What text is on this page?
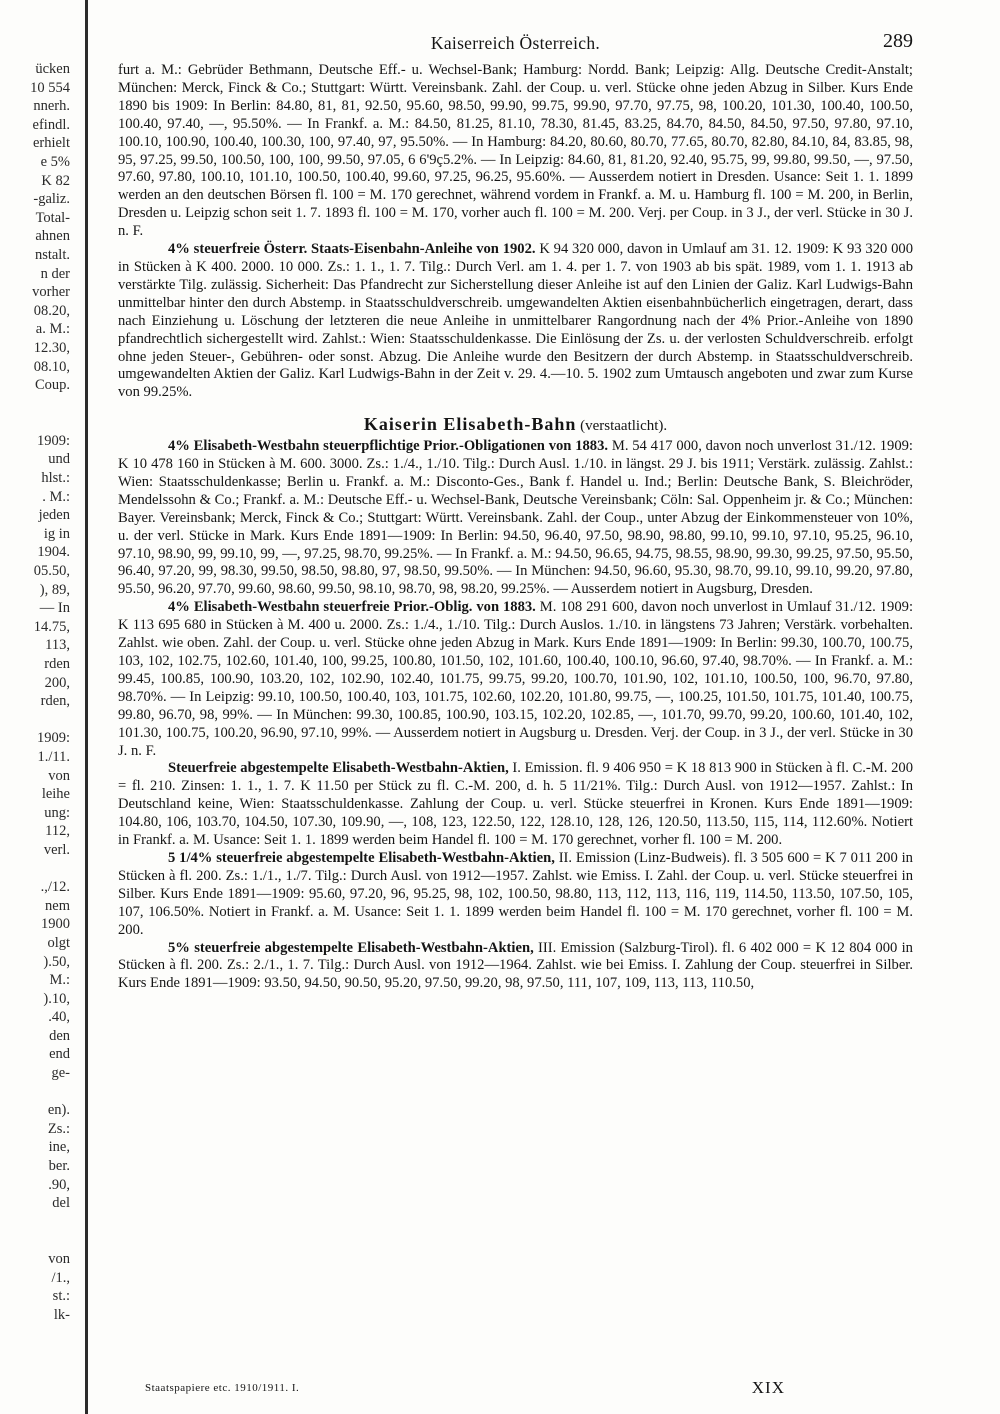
ücken
10 554
nnerh.
efindl.
erhielt
e 5%
K 82
-galiz.
Total-
ahnen
nstalt.
n der
vorher
08.20,
a. M.:
12.30,
08.10,
Coup.

1909:
und
hlst.:
. M.:
jeden
ig in
1904.
05.50,
), 89,
— In
14.75,
113,
rden
200,
rden,

1909:
1./11.
von
leihe
ung:
112,
verl.

.,/12.
nem
1900
olgt
).50,
M.:
).10,
.40,
den
end
ge-

en).
Zs.:
ine,
ber.
.90,
del

von
/1.,
st.:
lk-
Kaiserreich Österreich.	289

furt a. M.: Gebrüder Bethmann, Deutsche Eff.- u. Wechsel-Bank; Hamburg: Nordd. Bank; Leipzig: Allg. Deutsche Credit-Anstalt; München: Merck, Finck & Co.; Stuttgart: Württ. Vereinsbank. Zahl. der Coup. u. verl. Stücke ohne jeden Abzug in Silber. Kurs Ende 1890 bis 1909: In Berlin: 84.80, 81, 81, 92.50, 95.60, 98.50, 99.90, 99.75, 99.90, 97.70, 97.75, 98, 100.20, 101.30, 100.40, 100.50, 100.40, 97.40, —, 95.50%. — In Frankf. a. M.: 84.50, 81.25, 81.10, 78.30, 81.45, 83.25, 84.70, 84.50, 84.50, 97.50, 97.80, 97.10, 100.10, 100.90, 100.40, 100.30, 100, 97.40, 97, 95.50%. — In Hamburg: 84.20, 80.60, 80.70, 77.65, 80.70, 82.80, 84.10, 84, 83.85, 98, 95, 97.25, 99.50, 100.50, 100, 100, 99.50, 97.05, 6 6'9ç5.2%. — In Leipzig: 84.60, 81, 81.20, 92.40, 95.75, 99, 99.80, 99.50, —, 97.50, 97.60, 97.80, 100.10, 101.10, 100.50, 100.40, 99.60, 97.25, 96.25, 95.60%. — Ausserdem notiert in Dresden. Usance: Seit 1. 1. 1899 werden an den deutschen Börsen fl. 100 = M. 170 gerechnet, während vordem in Frankf. a. M. u. Hamburg fl. 100 = M. 200, in Berlin, Dresden u. Leipzig schon seit 1. 7. 1893 fl. 100 = M. 170, vorher auch fl. 100 = M. 200. Verj. per Coup. in 3 J., der verl. Stücke in 30 J. n. F.

4% steuerfreie Österr. Staats-Eisenbahn-Anleihe von 1902. K 94 320 000, davon in Umlauf am 31. 12. 1909: K 93 320 000 in Stücken à K 400. 2000. 10 000. Zs.: 1. 1., 1. 7. Tilg.: Durch Verl. am 1. 4. per 1. 7. von 1903 ab bis spät. 1989, vom 1. 1. 1913 ab verstärkte Tilg. zulässig. Sicherheit: Das Pfandrecht zur Sicherstellung dieser Anleihe ist auf den Linien der Galiz. Karl Ludwigs-Bahn unmittelbar hinter den durch Abstemp. in Staatsschuldverschreib. umgewandelten Aktien eisenbahnbücherlich eingetragen, derart, dass nach Einziehung u. Löschung der letzteren die neue Anleihe in unmittelbarer Rangordnung nach der 4% Prior.-Anleihe von 1890 pfandrechtlich sichergestellt wird. Zahlst.: Wien: Staatsschuldenkasse. Die Einlösung der Zs. u. der verlosten Schuldverschreib. erfolgt ohne jeden Steuer-, Gebühren- oder sonst. Abzug. Die Anleihe wurde den Besitzern der durch Abstemp. in Staatsschuldverschreib. umgewandelten Aktien der Galiz. Karl Ludwigs-Bahn in der Zeit v. 29. 4.—10. 5. 1902 zum Umtausch angeboten und zwar zum Kurse von 99.25%.

Kaiserin Elisabeth-Bahn (verstaatlicht).

4% Elisabeth-Westbahn steuerpflichtige Prior.-Obligationen von 1883. M. 54 417 000, davon noch unverlost 31./12. 1909: K 10 478 160 in Stücken à M. 600. 3000. Zs.: 1./4., 1./10. Tilg.: Durch Ausl. 1./10. in längst. 29 J. bis 1911; Verstärk. zulässig. Zahlst.: Wien: Staatsschuldenkasse; Berlin u. Frankf. a. M.: Disconto-Ges., Bank f. Handel u. Ind.; Berlin: Deutsche Bank, S. Bleichröder, Mendelssohn & Co.; Frankf. a. M.: Deutsche Eff.- u. Wechsel-Bank, Deutsche Vereinsbank; Cöln: Sal. Oppenheim jr. & Co.; München: Bayer. Vereinsbank; Merck, Finck & Co.; Stuttgart: Württ. Vereinsbank. Zahl. der Coup., unter Abzug der Einkommensteuer von 10%, u. der verl. Stücke in Mark. Kurs Ende 1891—1909: In Berlin: 94.50, 96.40, 97.50, 98.90, 98.80, 99.10, 99.10, 97.10, 95.25, 96.10, 97.10, 98.90, 99, 99.10, 99, —, 97.25, 98.70, 99.25%. — In Frankf. a. M.: 94.50, 96.65, 94.75, 98.55, 98.90, 99.30, 99.25, 97.50, 95.50, 96.40, 97.20, 99, 98.30, 99.50, 98.50, 98.80, 97, 98.50, 99.50%. — In München: 94.50, 96.60, 95.30, 98.70, 99.10, 99.10, 99.20, 97.80, 95.50, 96.20, 97.70, 99.60, 98.60, 99.50, 98.10, 98.70, 98, 98.20, 99.25%. — Ausserdem notiert in Augsburg, Dresden.

4% Elisabeth-Westbahn steuerfreie Prior.-Oblig. von 1883. M. 108 291 600, davon noch unverlost in Umlauf 31./12. 1909: K 113 695 680 in Stücken à M. 400 u. 2000. Zs.: 1./4., 1./10. Tilg.: Durch Auslos. 1./10. in längstens 73 Jahren; Verstärk. vorbehalten. Zahlst. wie oben. Zahl. der Coup. u. verl. Stücke ohne jeden Abzug in Mark. Kurs Ende 1891—1909: In Berlin: 99.30, 100.70, 100.75, 103, 102, 102.75, 102.60, 101.40, 100, 99.25, 100.80, 101.50, 102, 101.60, 100.40, 100.10, 96.60, 97.40, 98.70%. — In Frankf. a. M.: 99.45, 100.85, 100.90, 103.20, 102, 102.90, 102.40, 101.75, 99.75, 99.20, 100.70, 101.90, 102, 101.10, 100.50, 100, 96.70, 97.80, 98.70%. — In Leipzig: 99.10, 100.50, 100.40, 103, 101.75, 102.60, 102.20, 101.80, 99.75, —, 100.25, 101.50, 101.75, 101.40, 100.75, 99.80, 96.70, 98, 99%. — In München: 99.30, 100.85, 100.90, 103.15, 102.20, 102.85, —, 101.70, 99.70, 99.20, 100.60, 101.40, 102, 101.30, 100.75, 100.20, 96.90, 97.10, 99%. — Ausserdem notiert in Augsburg u. Dresden. Verj. der Coup. in 3 J., der verl. Stücke in 30 J. n. F.

Steuerfreie abgestempelte Elisabeth-Westbahn-Aktien, I. Emission. fl. 9 406 950 = K 18 813 900 in Stücken à fl. C.-M. 200 = fl. 210. Zinsen: 1. 1., 1. 7. K 11.50 per Stück zu fl. C.-M. 200, d. h. 5 11/21%. Tilg.: Durch Ausl. von 1912—1957. Zahlst.: In Deutschland keine, Wien: Staatsschuldenkasse. Zahlung der Coup. u. verl. Stücke steuerfrei in Kronen. Kurs Ende 1891—1909: 104.80, 106, 103.70, 104.50, 107.30, 109.90, —, 108, 123, 122.50, 122, 128.10, 128, 126, 120.50, 113.50, 115, 114, 112.60%. Notiert in Frankf. a. M. Usance: Seit 1. 1. 1899 werden beim Handel fl. 100 = M. 170 gerechnet, vorher fl. 100 = M. 200.

5 1/4% steuerfreie abgestempelte Elisabeth-Westbahn-Aktien, II. Emission (Linz-Budweis). fl. 3 505 600 = K 7 011 200 in Stücken à fl. 200. Zs.: 1./1., 1./7. Tilg.: Durch Ausl. von 1912—1957. Zahlst. wie Emiss. I. Zahl. der Coup. u. verl. Stücke steuerfrei in Silber. Kurs Ende 1891—1909: 95.60, 97.20, 96, 95.25, 98, 102, 100.50, 98.80, 113, 112, 113, 116, 119, 114.50, 113.50, 107.50, 105, 107, 106.50%. Notiert in Frankf. a. M. Usance: Seit 1. 1. 1899 werden beim Handel fl. 100 = M. 170 gerechnet, vorher fl. 100 = M. 200.

5% steuerfreie abgestempelte Elisabeth-Westbahn-Aktien, III. Emission (Salzburg-Tirol). fl. 6 402 000 = K 12 804 000 in Stücken à fl. 200. Zs.: 2./1., 1. 7. Tilg.: Durch Ausl. von 1912—1964. Zahlst. wie bei Emiss. I. Zahlung der Coup. steuerfrei in Silber. Kurs Ende 1891—1909: 93.50, 94.50, 90.50, 95.20, 97.50, 99.20, 98, 97.50, 111, 107, 109, 113, 113, 110.50,

Staatspapiere etc. 1910/1911. I.	XIX
